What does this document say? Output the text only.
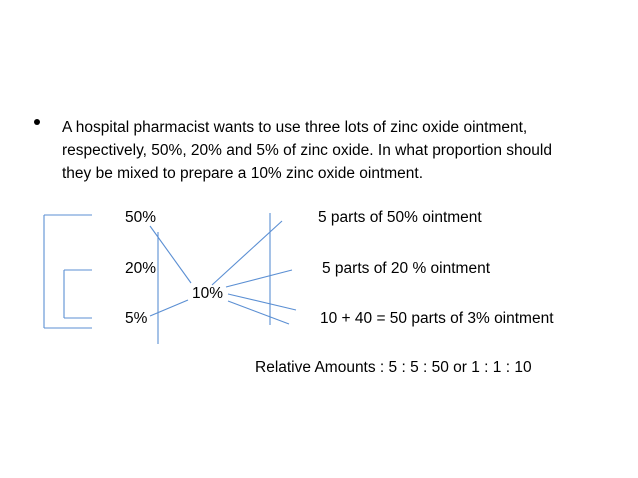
A hospital pharmacist wants to use three lots of zinc oxide ointment,
respectively, 50%, 20% and 5% of zinc oxide. In what proportion should
they be mixed to prepare a 10% zinc oxide ointment.
50%
20%
10%
5%
5 parts of 50% ointment
5 parts of 20 % ointment
10 + 40 = 50 parts of 3% ointment
Relative Amounts : 5 : 5 : 50 or 1 : 1 : 10
